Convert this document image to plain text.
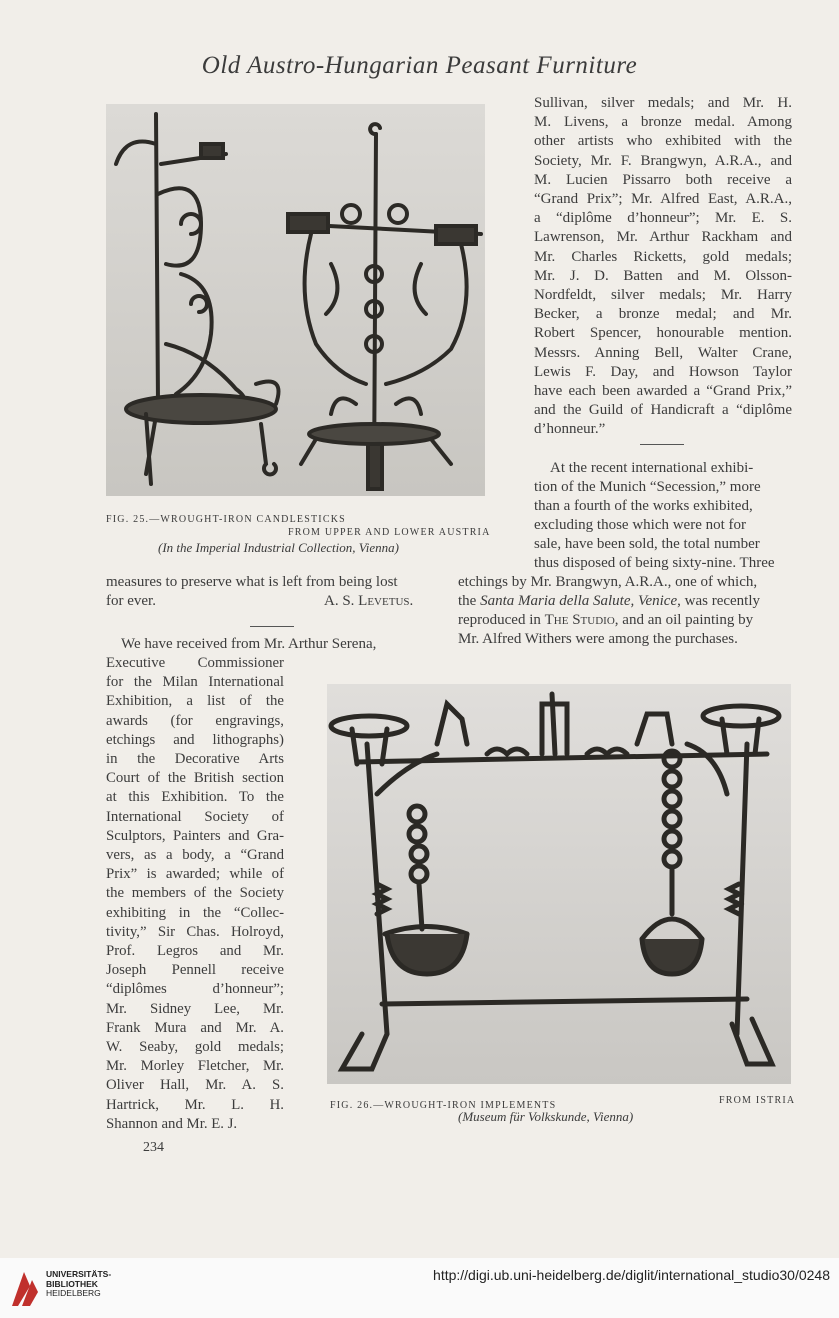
Old Austro-Hungarian Peasant Furniture
FIG. 25.—WROUGHT-IRON CANDLESTICKS
FROM UPPER AND LOWER AUSTRIA
(In the Imperial Industrial Collection, Vienna)
Sullivan, silver medals; and Mr. H.
M. Livens, a bronze medal. Among
other artists who exhibited with the
Society, Mr. F. Brangwyn, A.R.A., and
M. Lucien Pissarro both receive a
“Grand Prix”; Mr. Alfred East, A.R.A.,
a “diplôme d’honneur”; Mr. E. S.
Lawrenson, Mr. Arthur Rackham and
Mr. Charles Ricketts, gold medals;
Mr. J. D. Batten and M. Olsson-
Nordfeldt, silver medals; Mr. Harry
Becker, a bronze medal; and Mr.
Robert Spencer, honourable mention.
Messrs. Anning Bell, Walter Crane,
Lewis F. Day, and Howson Taylor
have each been awarded a “Grand Prix,”
and the Guild of Handicraft a “diplôme
d’honneur.”
At the recent international exhibi-
tion of the Munich “Secession,” more
than a fourth of the works exhibited,
excluding those which were not for
sale, have been sold, the total number
thus disposed of being sixty-nine. Three
etchings by Mr. Brangwyn, A.R.A., one of which,
the Santa Maria della Salute, Venice, was recently
reproduced in The Studio, and an oil painting by
Mr. Alfred Withers were among the purchases.
measures to preserve what is left from being lost
for ever.	A. S. Levetus.
We have received from Mr. Arthur Serena,
Executive Commissioner
for the Milan International
Exhibition, a list of the
awards (for engravings,
etchings and lithographs)
in the Decorative Arts
Court of the British section
at this Exhibition. To the
International Society of
Sculptors, Painters and Gra-
vers, as a body, a “Grand
Prix” is awarded; while of
the members of the Society
exhibiting in the “Collec-
tivity,” Sir Chas. Holroyd,
Prof. Legros and Mr.
Joseph Pennell receive
“diplômes d’honneur”;
Mr. Sidney Lee, Mr.
Frank Mura and Mr. A.
W. Seaby, gold medals;
Mr. Morley Fletcher, Mr.
Oliver Hall, Mr. A. S.
Hartrick, Mr. L. H.
Shannon and Mr. E. J.
FIG. 26.—WROUGHT-IRON IMPLEMENTS	FROM ISTRIA
(Museum für Volkskunde, Vienna)
234
UNIVERSITÄTS-
BIBLIOTHEK
HEIDELBERG
http://digi.ub.uni-heidelberg.de/diglit/international_studio30/0248
